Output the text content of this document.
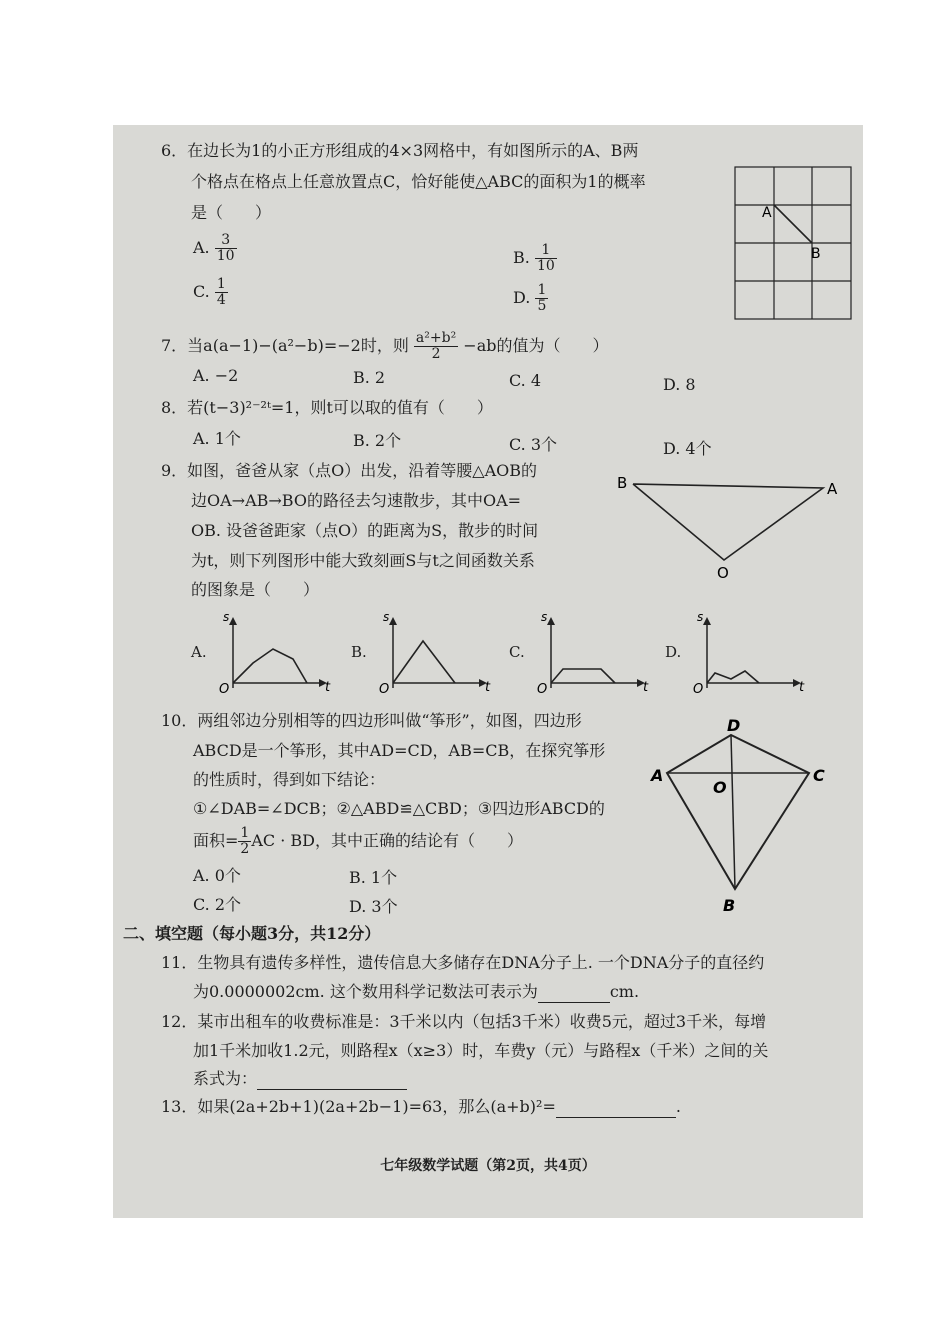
6．在边长为1的小正方形组成的4×3网格中，有如图所示的A、B两
个格点在格点上任意放置点C，恰好能使△ABC的面积为1的概率
是（　　）
A. $\frac{3}{10}$	B. $\frac{1}{10}$
C. $\frac{1}{4}$	D. $\frac{1}{5}$
A
B
7．当a(a−1)−(a²−b)=−2时，则 $\frac{\text{a²+b²}}{2} -ab$的值为（　　）
A. −2	B. 2	C. 4	D. 8
8．若(t−3)²⁻²ᵗ=1，则t可以取的值有（　　）
A. 1个	B. 2个	C. 3个	D. 4个
9．如图，爸爸从家（点O）出发，沿着等腰△AOB的
边OA→AB→BO的路径去匀速散步，其中OA=
OB. 设爸爸距家（点O）的距离为S，散步的时间
为t，则下列图形中能大致刻画S与t之间函数关系
的图象是（　　）
B	A
O
A.
s
O	t
B.
s
O	t
C.
s
O	t
D.
s
O	t
10．两组邻边分别相等的四边形叫做“筝形”，如图，四边形
ABCD是一个筝形，其中AD=CD，AB=CB，在探究筝形
的性质时，得到如下结论：
①∠DAB=∠DCB；②△ABD≌△CBD；③四边形ABCD的
面积= $\frac{1}{2}$ AC · BD，其中正确的结论有（　　）
A. 0个	B. 1个
C. 2个	D. 3个
D
A	C
O
B
二、填空题（每小题3分，共12分）
11．生物具有遗传多样性，遗传信息大多储存在DNA分子上. 一个DNA分子的直径约
为0.0000002cm. 这个数用科学记数法可表示为	cm.
12．某市出租车的收费标准是：3千米以内（包括3千米）收费5元，超过3千米，每增
加1千米加收1.2元，则路程x（x≥3）时，车费y（元）与路程x（千米）之间的关
系式为：
13．如果(2a+2b+1)(2a+2b−1)=63，那么(a+b)²=	.
七年级数学试题（第2页，共4页）
